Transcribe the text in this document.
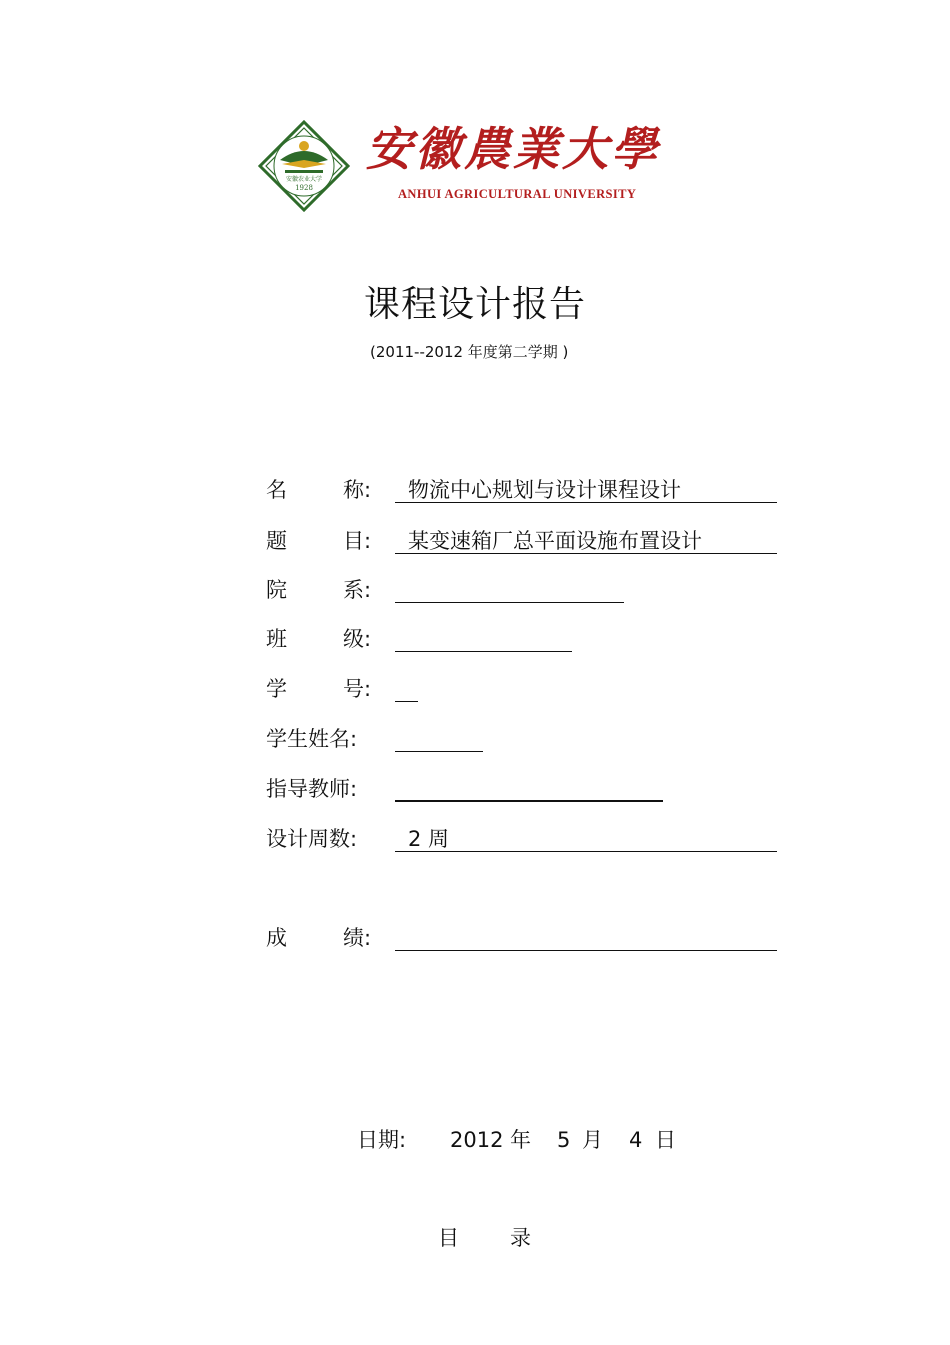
安徽农业大学
1928
安徽農業大學
ANHUI AGRICULTURAL UNIVERSITY
课程设计报告
(2011--2012 年度第二学期 )
名	称:	物流中心规划与设计课程设计
题	目:	某变速箱厂总平面设施布置设计
院	系:
班	级:
学	号:
学生姓名:
指导教师:
设计周数:	2 周
成	绩:
日期: 2012 年 5 月 4 日
目 录
